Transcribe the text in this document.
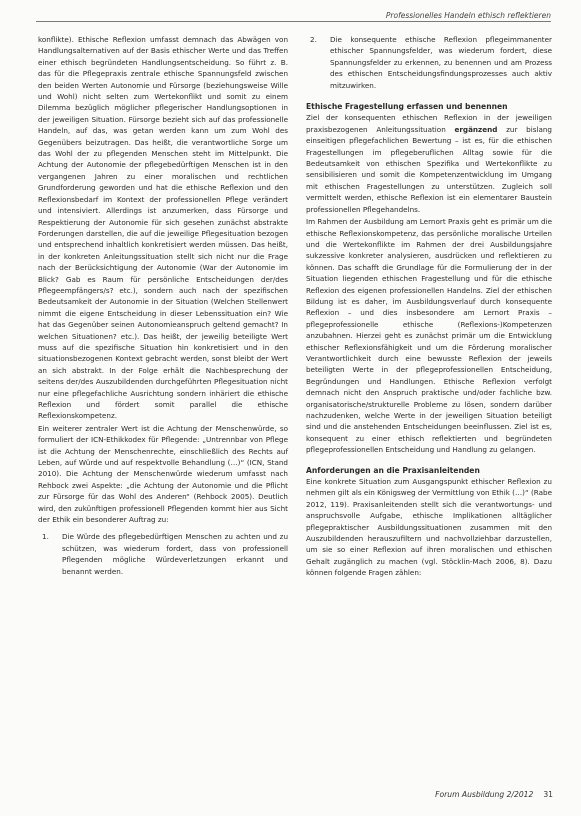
Professionelles Handeln ethisch reflektieren

konflikte). Ethische Reflexion umfasst demnach das Abwägen von Handlungsalternativen auf der Basis ethischer Werte und das Treffen einer ethisch begründeten Handlungsentscheidung. So führt z. B. das für die Pflegepraxis zentrale ethische Spannungsfeld zwischen den beiden Werten Autonomie und Fürsorge (beziehungsweise Wille und Wohl) nicht selten zum Wertekonflikt und somit zu einem Dilemma bezüglich möglicher pflegerischer Handlungsoptionen in der jeweiligen Situation. Fürsorge bezieht sich auf das professionelle Handeln, auf das, was getan werden kann um zum Wohl des Gegenübers beizutragen. Das heißt, die verantwortliche Sorge um das Wohl der zu pflegenden Menschen steht im Mittelpunkt. Die Achtung der Autonomie der pflegebedürftigen Menschen ist in den vergangenen Jahren zu einer moralischen und rechtlichen Grundforderung geworden und hat die ethische Reflexion und den Reflexionsbedarf im Kontext der professionellen Pflege verändert und intensiviert. Allerdings ist anzumerken, dass Fürsorge und Respektierung der Autonomie für sich gesehen zunächst abstrakte Forderungen darstellen, die auf die jeweilige Pflegesituation bezogen und entsprechend inhaltlich konkretisiert werden müssen. Das heißt, in der konkreten Anleitungssituation stellt sich nicht nur die Frage nach der Berücksichtigung der Autonomie (War der Autonomie im Blick? Gab es Raum für persönliche Entscheidungen der/des Pflegeempfängers/s? etc.), sondern auch nach der spezifischen Bedeutsamkeit der Autonomie in der Situation (Welchen Stellenwert nimmt die eigene Entscheidung in dieser Lebenssituation ein? Wie hat das Gegenüber seinen Autonomieanspruch geltend gemacht? In welchen Situationen? etc.). Das heißt, der jeweilig beteiligte Wert muss auf die spezifische Situation hin konkretisiert und in den situationsbezogenen Kontext gebracht werden, sonst bleibt der Wert an sich abstrakt. In der Folge erhält die Nachbesprechung der seitens der/des Auszubildenden durchgeführten Pflegesituation nicht nur eine pflegefachliche Ausrichtung sondern inhäriert die ethische Reflexion und fördert somit parallel die ethische Reflexionskompetenz.

Ein weiterer zentraler Wert ist die Achtung der Menschenwürde, so formuliert der ICN-Ethikkodex für Pflegende: „Untrennbar von Pflege ist die Achtung der Menschenrechte, einschließlich des Rechts auf Leben, auf Würde und auf respektvolle Behandlung (…)“ (ICN, Stand 2010). Die Achtung der Menschenwürde wiederum umfasst nach Rehbock zwei Aspekte: „die Achtung der Autonomie und die Pflicht zur Fürsorge für das Wohl des Anderen“ (Rehbock 2005). Deutlich wird, den zukünftigen professionell Pflegenden kommt hier aus Sicht der Ethik ein besonderer Auftrag zu:

1.	Die Würde des pflegebedürftigen Menschen zu achten und zu schützen, was wiederum fordert, dass von professionell Pflegenden mögliche Würdeverletzungen erkannt und benannt werden.
2.	Die konsequente ethische Reflexion pflegeimmanenter ethischer Spannungsfelder, was wiederum fordert, diese Spannungsfelder zu erkennen, zu benennen und am Prozess des ethischen Entscheidungsfindungsprozesses auch aktiv mitzuwirken.
Ethische Fragestellung erfassen und benennen

Ziel der konsequenten ethischen Reflexion in der jeweiligen praxisbezogenen Anleitungssituation ergänzend zur bislang einseitigen pflegefachlichen Bewertung – ist es, für die ethischen Fragestellungen im pflegeberuflichen Alltag sowie für die Bedeutsamkeit von ethischen Spezifika und Wertekonflikte zu sensibilisieren und somit die Kompetenzentwicklung im Umgang mit ethischen Fragestellungen zu unterstützen. Zugleich soll vermittelt werden, ethische Reflexion ist ein elementarer Baustein professionellen Pflegehandelns.

Im Rahmen der Ausbildung am Lernort Praxis geht es primär um die ethische Reflexionskompetenz, das persönliche moralische Urteilen und die Wertekonflikte im Rahmen der drei Ausbildungsjahre sukzessive konkreter analysieren, ausdrücken und reflektieren zu können. Das schafft die Grundlage für die Formulierung der in der Situation liegenden ethischen Fragestellung und für die ethische Reflexion des eigenen professionellen Handelns. Ziel der ethischen Bildung ist es daher, im Ausbildungsverlauf durch konsequente Reflexion – und dies insbesondere am Lernort Praxis – pflegeprofessionelle ethische (Reflexions-)Kompetenzen anzubahnen. Hierzei geht es zunächst primär um die Entwicklung ethischer Reflexionsfähigkeit und um die Förderung moralischer Verantwortlichkeit durch eine bewusste Reflexion der jeweils beteiligten Werte in der pflegeprofessionellen Entscheidung, Begründungen und Handlungen. Ethische Reflexion verfolgt demnach nicht den Anspruch praktische und/oder fachliche bzw. organisatorische/strukturelle Probleme zu lösen, sondern darüber nachzudenken, welche Werte in der jeweiligen Situation beteiligt sind und die anstehenden Entscheidungen beeinflussen. Ziel ist es, konsequent zu einer ethisch reflektierten und begründeten pflegeprofessionellen Entscheidung und Handlung zu gelangen.

Anforderungen an die Praxisanleitenden

Eine konkrete Situation zum Ausgangspunkt ethischer Reflexion zu nehmen gilt als ein Königsweg der Vermittlung von Ethik (…)“ (Rabe 2012, 119). Praxisanleitenden stellt sich die verantwortungs- und anspruchsvolle Aufgabe, ethische Implikationen alltäglicher pflegepraktischer Ausbildungssituationen zusammen mit den Auszubildenden herauszufiltern und nachvollziehbar darzustellen, um sie so einer Reflexion auf ihren moralischen und ethischen Gehalt zugänglich zu machen (vgl. Stöcklin-Mach 2006, 8). Dazu können folgende Fragen zählen:

Forum Ausbildung 2/2012 31
